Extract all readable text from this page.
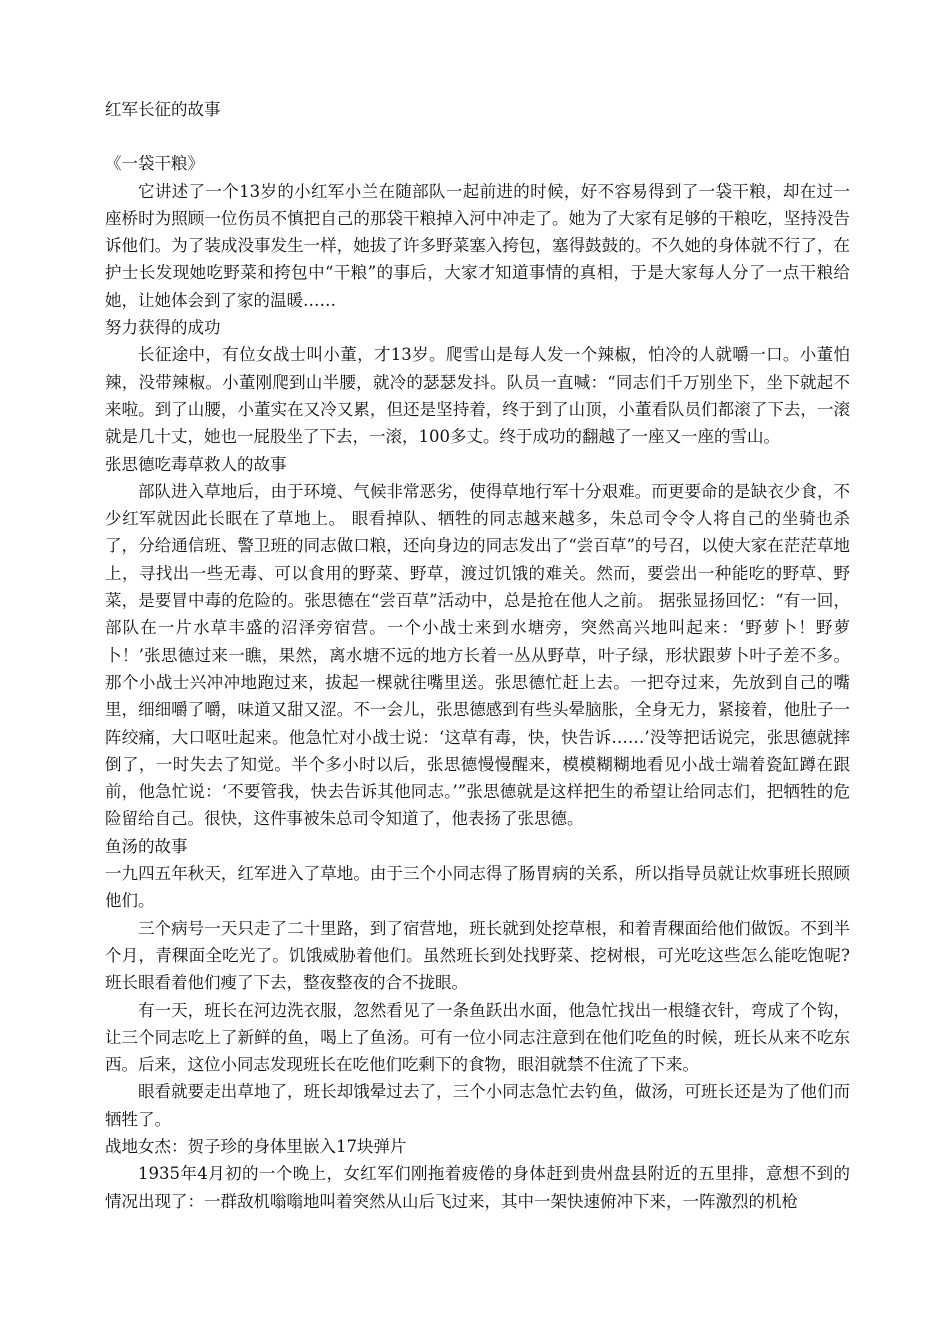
红军长征的故事

《一袋干粮》

它讲述了一个13岁的小红军小兰在随部队一起前进的时候，好不容易得到了一袋干粮，却在过一座桥时为照顾一位伤员不慎把自己的那袋干粮掉入河中冲走了。她为了大家有足够的干粮吃，坚持没告诉他们。为了装成没事发生一样，她拔了许多野菜塞入挎包，塞得鼓鼓的。不久她的身体就不行了，在护士长发现她吃野菜和挎包中“干粮”的事后，大家才知道事情的真相，于是大家每人分了一点干粮给她，让她体会到了家的温暖……

努力获得的成功

长征途中，有位女战士叫小董，才13岁。爬雪山是每人发一个辣椒，怕冷的人就嚼一口。小董怕辣，没带辣椒。小董刚爬到山半腰，就冷的瑟瑟发抖。队员一直喊：“同志们千万别坐下，坐下就起不来啦。到了山腰，小董实在又冷又累，但还是坚持着，终于到了山顶，小董看队员们都滚了下去，一滚就是几十丈，她也一屁股坐了下去，一滚，100多丈。终于成功的翻越了一座又一座的雪山。

张思德吃毒草救人的故事

部队进入草地后，由于环境、气候非常恶劣，使得草地行军十分艰难。而更要命的是缺衣少食，不少红军就因此长眠在了草地上。 眼看掉队、牺牲的同志越来越多，朱总司令令人将自己的坐骑也杀了，分给通信班、警卫班的同志做口粮，还向身边的同志发出了“尝百草”的号召，以使大家在茫茫草地上，寻找出一些无毒、可以食用的野菜、野草，渡过饥饿的难关。然而，要尝出一种能吃的野草、野菜，是要冒中毒的危险的。张思德在“尝百草”活动中，总是抢在他人之前。 据张显扬回忆：“有一回，部队在一片水草丰盛的沼泽旁宿营。一个小战士来到水塘旁，突然高兴地叫起来：‘野萝卜！野萝卜！’张思德过来一瞧，果然，离水塘不远的地方长着一丛从野草，叶子绿，形状跟萝卜叶子差不多。那个小战士兴冲冲地跑过来，拔起一棵就往嘴里送。张思德忙赶上去。一把夺过来，先放到自己的嘴里，细细嚼了嚼，味道又甜又涩。不一会儿，张思德感到有些头晕脑胀，全身无力，紧接着，他肚子一阵绞痛，大口呕吐起来。他急忙对小战士说：‘这草有毒，快，快告诉……’没等把话说完，张思德就摔倒了，一时失去了知觉。半个多小时以后，张思德慢慢醒来，模模糊糊地看见小战士端着瓷缸蹲在跟前，他急忙说：‘不要管我，快去告诉其他同志。’”张思德就是这样把生的希望让给同志们，把牺牲的危险留给自己。很快，这件事被朱总司令知道了，他表扬了张思德。

鱼汤的故事

一九四五年秋天，红军进入了草地。由于三个小同志得了肠胃病的关系，所以指导员就让炊事班长照顾他们。

三个病号一天只走了二十里路，到了宿营地，班长就到处挖草根，和着青稞面给他们做饭。不到半个月，青稞面全吃光了。饥饿威胁着他们。虽然班长到处找野菜、挖树根，可光吃这些怎么能吃饱呢?班长眼看着他们瘦了下去，整夜整夜的合不拢眼。

有一天，班长在河边洗衣服，忽然看见了一条鱼跃出水面，他急忙找出一根缝衣针，弯成了个钩，让三个同志吃上了新鲜的鱼，喝上了鱼汤。可有一位小同志注意到在他们吃鱼的时候，班长从来不吃东西。后来，这位小同志发现班长在吃他们吃剩下的食物，眼泪就禁不住流了下来。

眼看就要走出草地了，班长却饿晕过去了，三个小同志急忙去钓鱼，做汤，可班长还是为了他们而牺牲了。

战地女杰：贺子珍的身体里嵌入17块弹片

1935年4月初的一个晚上，女红军们刚拖着疲倦的身体赶到贵州盘县附近的五里排，意想不到的情况出现了：一群敌机嗡嗡地叫着突然从山后飞过来，其中一架快速俯冲下来，一阵激烈的机枪
